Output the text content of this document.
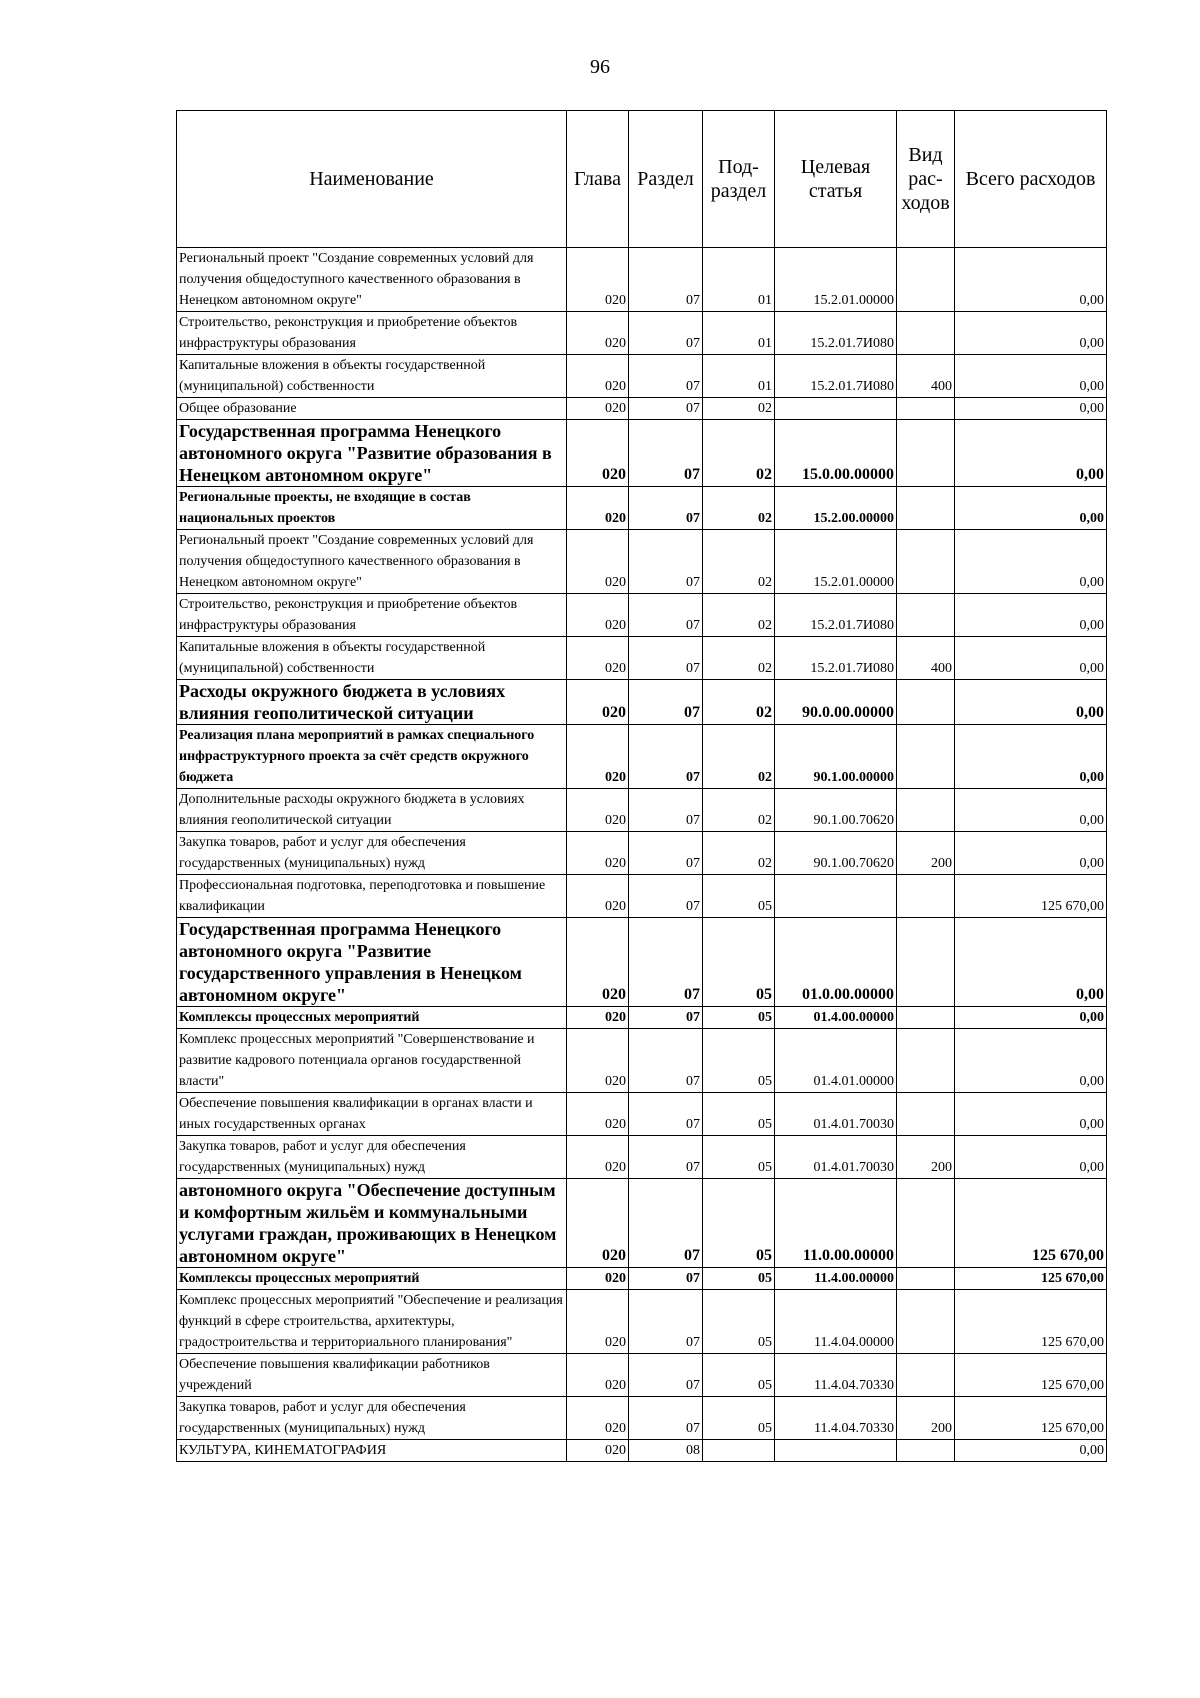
96
Наименование	Глава	Раздел	Под-раздел	Целевая статья	Вид рас-ходов	Всего расходов
Региональный проект "Создание современных условий для получения общедоступного качественного образования в Ненецком автономном округе"	020	07	01	15.2.01.00000		0,00
Строительство, реконструкция и приобретение объектов инфраструктуры образования	020	07	01	15.2.01.7И080		0,00
Капитальные вложения в объекты государственной (муниципальной) собственности	020	07	01	15.2.01.7И080	400	0,00
Общее образование	020	07	02			0,00
Государственная программа Ненецкого автономного округа "Развитие образования в Ненецком автономном округе"	020	07	02	15.0.00.00000		0,00
Региональные проекты, не входящие в состав национальных проектов	020	07	02	15.2.00.00000		0,00
Региональный проект "Создание современных условий для получения общедоступного качественного образования в Ненецком автономном округе"	020	07	02	15.2.01.00000		0,00
Строительство, реконструкция и приобретение объектов инфраструктуры образования	020	07	02	15.2.01.7И080		0,00
Капитальные вложения в объекты государственной (муниципальной) собственности	020	07	02	15.2.01.7И080	400	0,00
Расходы окружного бюджета в условиях влияния геополитической ситуации	020	07	02	90.0.00.00000		0,00
Реализация плана мероприятий в рамках специального инфраструктурного проекта за счёт средств окружного бюджета	020	07	02	90.1.00.00000		0,00
Дополнительные расходы окружного бюджета в условиях влияния геополитической ситуации	020	07	02	90.1.00.70620		0,00
Закупка товаров, работ и услуг для обеспечения государственных (муниципальных) нужд	020	07	02	90.1.00.70620	200	0,00
Профессиональная подготовка, переподготовка и повышение квалификации	020	07	05			125 670,00
Государственная программа Ненецкого автономного округа "Развитие государственного управления в Ненецком автономном округе"	020	07	05	01.0.00.00000		0,00
Комплексы процессных мероприятий	020	07	05	01.4.00.00000		0,00
Комплекс процессных мероприятий "Совершенствование и развитие кадрового потенциала органов государственной власти"	020	07	05	01.4.01.00000		0,00
Обеспечение повышения квалификации в органах власти и иных государственных органах	020	07	05	01.4.01.70030		0,00
Закупка товаров, работ и услуг для обеспечения государственных (муниципальных) нужд	020	07	05	01.4.01.70030	200	0,00
автономного округа "Обеспечение доступным и комфортным жильём и коммунальными услугами граждан, проживающих в Ненецком автономном округе"	020	07	05	11.0.00.00000		125 670,00
Комплексы процессных мероприятий	020	07	05	11.4.00.00000		125 670,00
Комплекс процессных мероприятий "Обеспечение и реализация функций в сфере строительства, архитектуры, градостроительства и территориального планирования"	020	07	05	11.4.04.00000		125 670,00
Обеспечение повышения квалификации работников учреждений	020	07	05	11.4.04.70330		125 670,00
Закупка товаров, работ и услуг для обеспечения государственных (муниципальных) нужд	020	07	05	11.4.04.70330	200	125 670,00
КУЛЬТУРА, КИНЕМАТОГРАФИЯ	020	08				0,00
